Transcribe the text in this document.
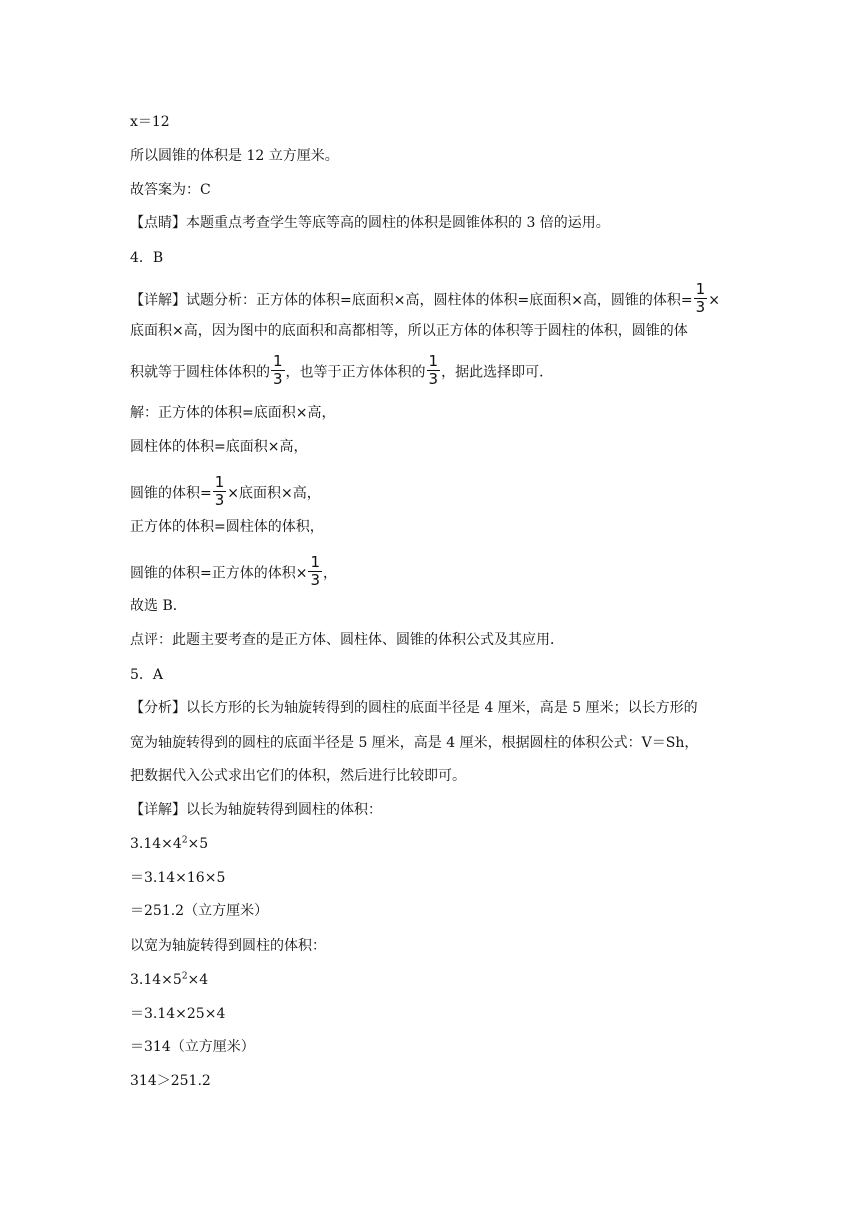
x＝12
所以圆锥的体积是 12 立方厘米。
故答案为：C
【点睛】本题重点考查学生等底等高的圆柱的体积是圆锥体积的 3 倍的运用。
4．B
【详解】试题分析：正方体的体积=底面积×高，圆柱体的体积=底面积×高，圆锥的体积= $\frac{1}{3}$ ×
底面积×高，因为图中的底面积和高都相等，所以正方体的体积等于圆柱的体积，圆锥的体
积就等于圆柱体体积的 $\frac{1}{3}$ ，也等于正方体体积的 $\frac{1}{3}$ ，据此选择即可．
解：正方体的体积=底面积×高，
圆柱体的体积=底面积×高，
圆锥的体积= $\frac{1}{3}$ ×底面积×高，
正方体的体积=圆柱体的体积，
圆锥的体积=正方体的体积× $\frac{1}{3}$ ，
故选 B．
点评：此题主要考查的是正方体、圆柱体、圆锥的体积公式及其应用．
5．A
【分析】以长方形的长为轴旋转得到的圆柱的底面半径是 4 厘米，高是 5 厘米；以长方形的
宽为轴旋转得到的圆柱的底面半径是 5 厘米，高是 4 厘米，根据圆柱的体积公式：V＝Sh，
把数据代入公式求出它们的体积，然后进行比较即可。
【详解】以长为轴旋转得到圆柱的体积：
$3.14\times 4^2\times 5$
＝3.14×16×5
＝251.2（立方厘米）
以宽为轴旋转得到圆柱的体积：
$3.14\times 5^2\times 4$
＝3.14×25×4
＝314（立方厘米）
314＞251.2
